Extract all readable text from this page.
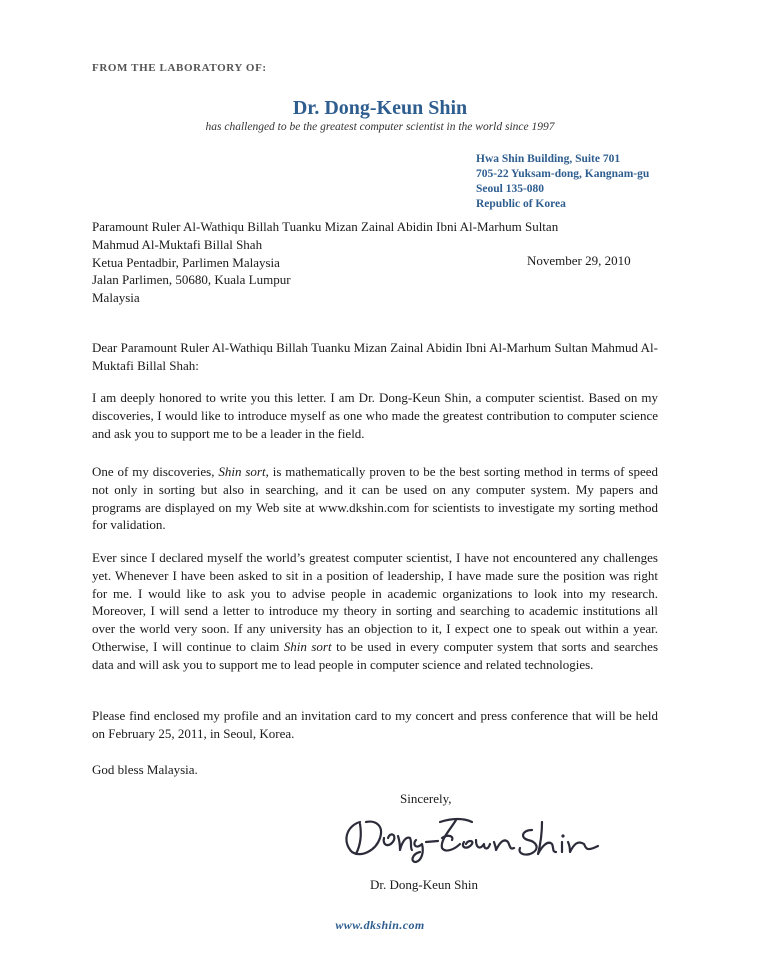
FROM THE LABORATORY OF:
Dr. Dong-Keun Shin
has challenged to be the greatest computer scientist in the world since 1997
Hwa Shin Building, Suite 701
705-22 Yuksam-dong, Kangnam-gu
Seoul 135-080
Republic of Korea
Paramount Ruler Al-Wathiqu Billah Tuanku Mizan Zainal Abidin Ibni Al-Marhum Sultan
Mahmud Al-Muktafi Billal Shah
Ketua Pentadbir, Parlimen Malaysia
Jalan Parlimen, 50680, Kuala Lumpur
Malaysia
November 29, 2010

Dear Paramount Ruler Al-Wathiqu Billah Tuanku Mizan Zainal Abidin Ibni Al-Marhum Sultan Mahmud Al-Muktafi Billal Shah:

I am deeply honored to write you this letter. I am Dr. Dong-Keun Shin, a computer scientist. Based on my discoveries, I would like to introduce myself as one who made the greatest contribution to computer science and ask you to support me to be a leader in the field.

One of my discoveries, Shin sort, is mathematically proven to be the best sorting method in terms of speed not only in sorting but also in searching, and it can be used on any computer system. My papers and programs are displayed on my Web site at www.dkshin.com for scientists to investigate my sorting method for validation.

Ever since I declared myself the world’s greatest computer scientist, I have not encountered any challenges yet. Whenever I have been asked to sit in a position of leadership, I have made sure the position was right for me. I would like to ask you to advise people in academic organizations to look into my research. Moreover, I will send a letter to introduce my theory in sorting and searching to academic institutions all over the world very soon. If any university has an objection to it, I expect one to speak out within a year. Otherwise, I will continue to claim Shin sort to be used in every computer system that sorts and searches data and will ask you to support me to lead people in computer science and related technologies.

Please find enclosed my profile and an invitation card to my concert and press conference that will be held on February 25, 2011, in Seoul, Korea.

God bless Malaysia.

Sincerely,
Dr. Dong-Keun Shin
www.dkshin.com
